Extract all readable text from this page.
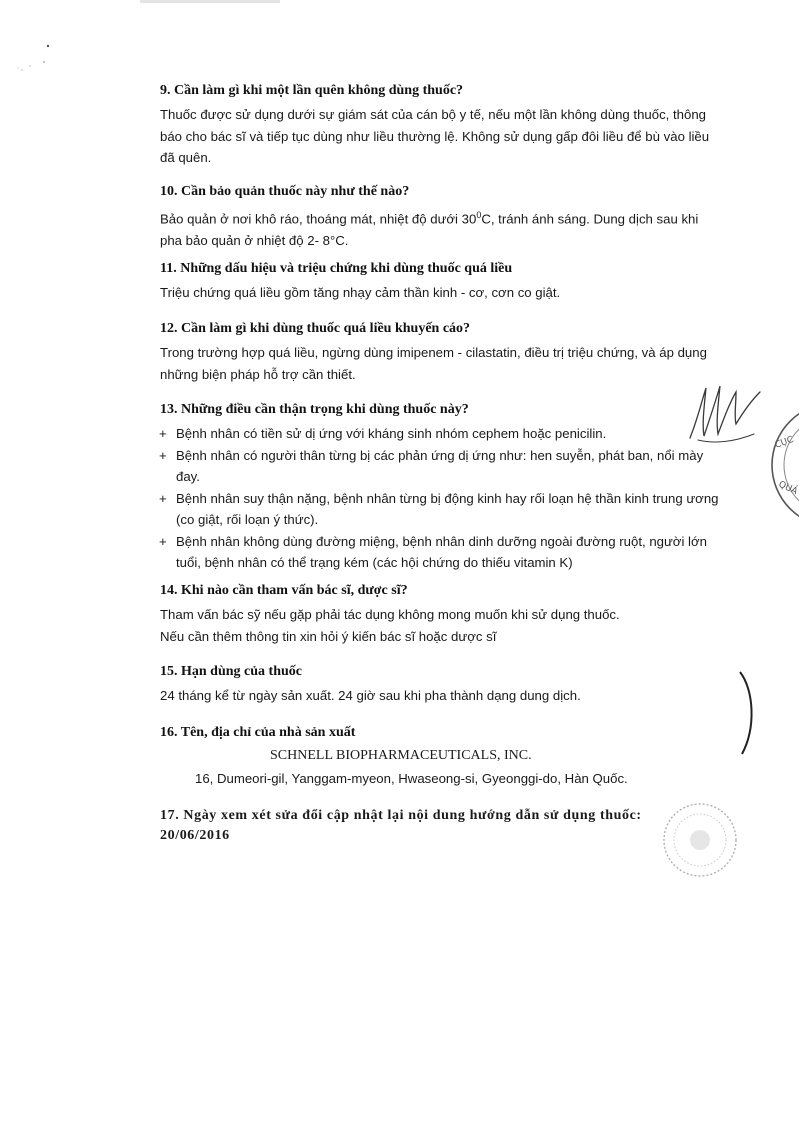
9. Cần làm gì khi một lần quên không dùng thuốc?

Thuốc được sử dụng dưới sự giám sát của cán bộ y tế, nếu một lần không dùng thuốc, thông báo cho bác sĩ và tiếp tục dùng như liều thường lệ. Không sử dụng gấp đôi liều để bù vào liều đã quên.

10. Cần bảo quản thuốc này như thế nào?

Bảo quản ở nơi khô ráo, thoáng mát, nhiệt độ dưới $30^0C$, tránh ánh sáng. Dung dịch sau khi pha bảo quản ở nhiệt độ 2- 8°C.

11. Những dấu hiệu và triệu chứng khi dùng thuốc quá liều

Triệu chứng quá liều gồm tăng nhạy cảm thần kinh - cơ, cơn co giật.

12. Cần làm gì khi dùng thuốc quá liều khuyến cáo?

Trong trường hợp quá liều, ngừng dùng imipenem - cilastatin, điều trị triệu chứng, và áp dụng những biện pháp hỗ trợ cần thiết.

13. Những điều cần thận trọng khi dùng thuốc này?

+ Bệnh nhân có tiền sử dị ứng với kháng sinh nhóm cephem hoặc penicilin.
+ Bệnh nhân có người thân từng bị các phản ứng dị ứng như: hen suyễn, phát ban, nổi mày đay.
+ Bệnh nhân suy thận nặng, bệnh nhân từng bị động kinh hay rối loạn hệ thần kinh trung ương (co giật, rối loạn ý thức).
+ Bệnh nhân không dùng đường miệng, bệnh nhân dinh dưỡng ngoài đường ruột, người lớn tuổi, bệnh nhân có thể trạng kém (các hội chứng do thiếu vitamin K)

14. Khi nào cần tham vấn bác sĩ, dược sĩ?

Tham vấn bác sỹ nếu gặp phải tác dụng không mong muốn khi sử dụng thuốc.

Nếu cần thêm thông tin xin hỏi ý kiến bác sĩ hoặc dược sĩ

15. Hạn dùng của thuốc

24 tháng kể từ ngày sản xuất. 24 giờ sau khi pha thành dạng dung dịch.

16. Tên, địa chỉ của nhà sản xuất

SCHNELL BIOPHARMACEUTICALS, INC.

16, Dumeori-gil, Yanggam-myeon, Hwaseong-si, Gyeonggi-do, Hàn Quốc.

17. Ngày xem xét sửa đổi cập nhật lại nội dung hướng dẫn sử dụng thuốc: 20/06/2016

CỤC
QUẢ
